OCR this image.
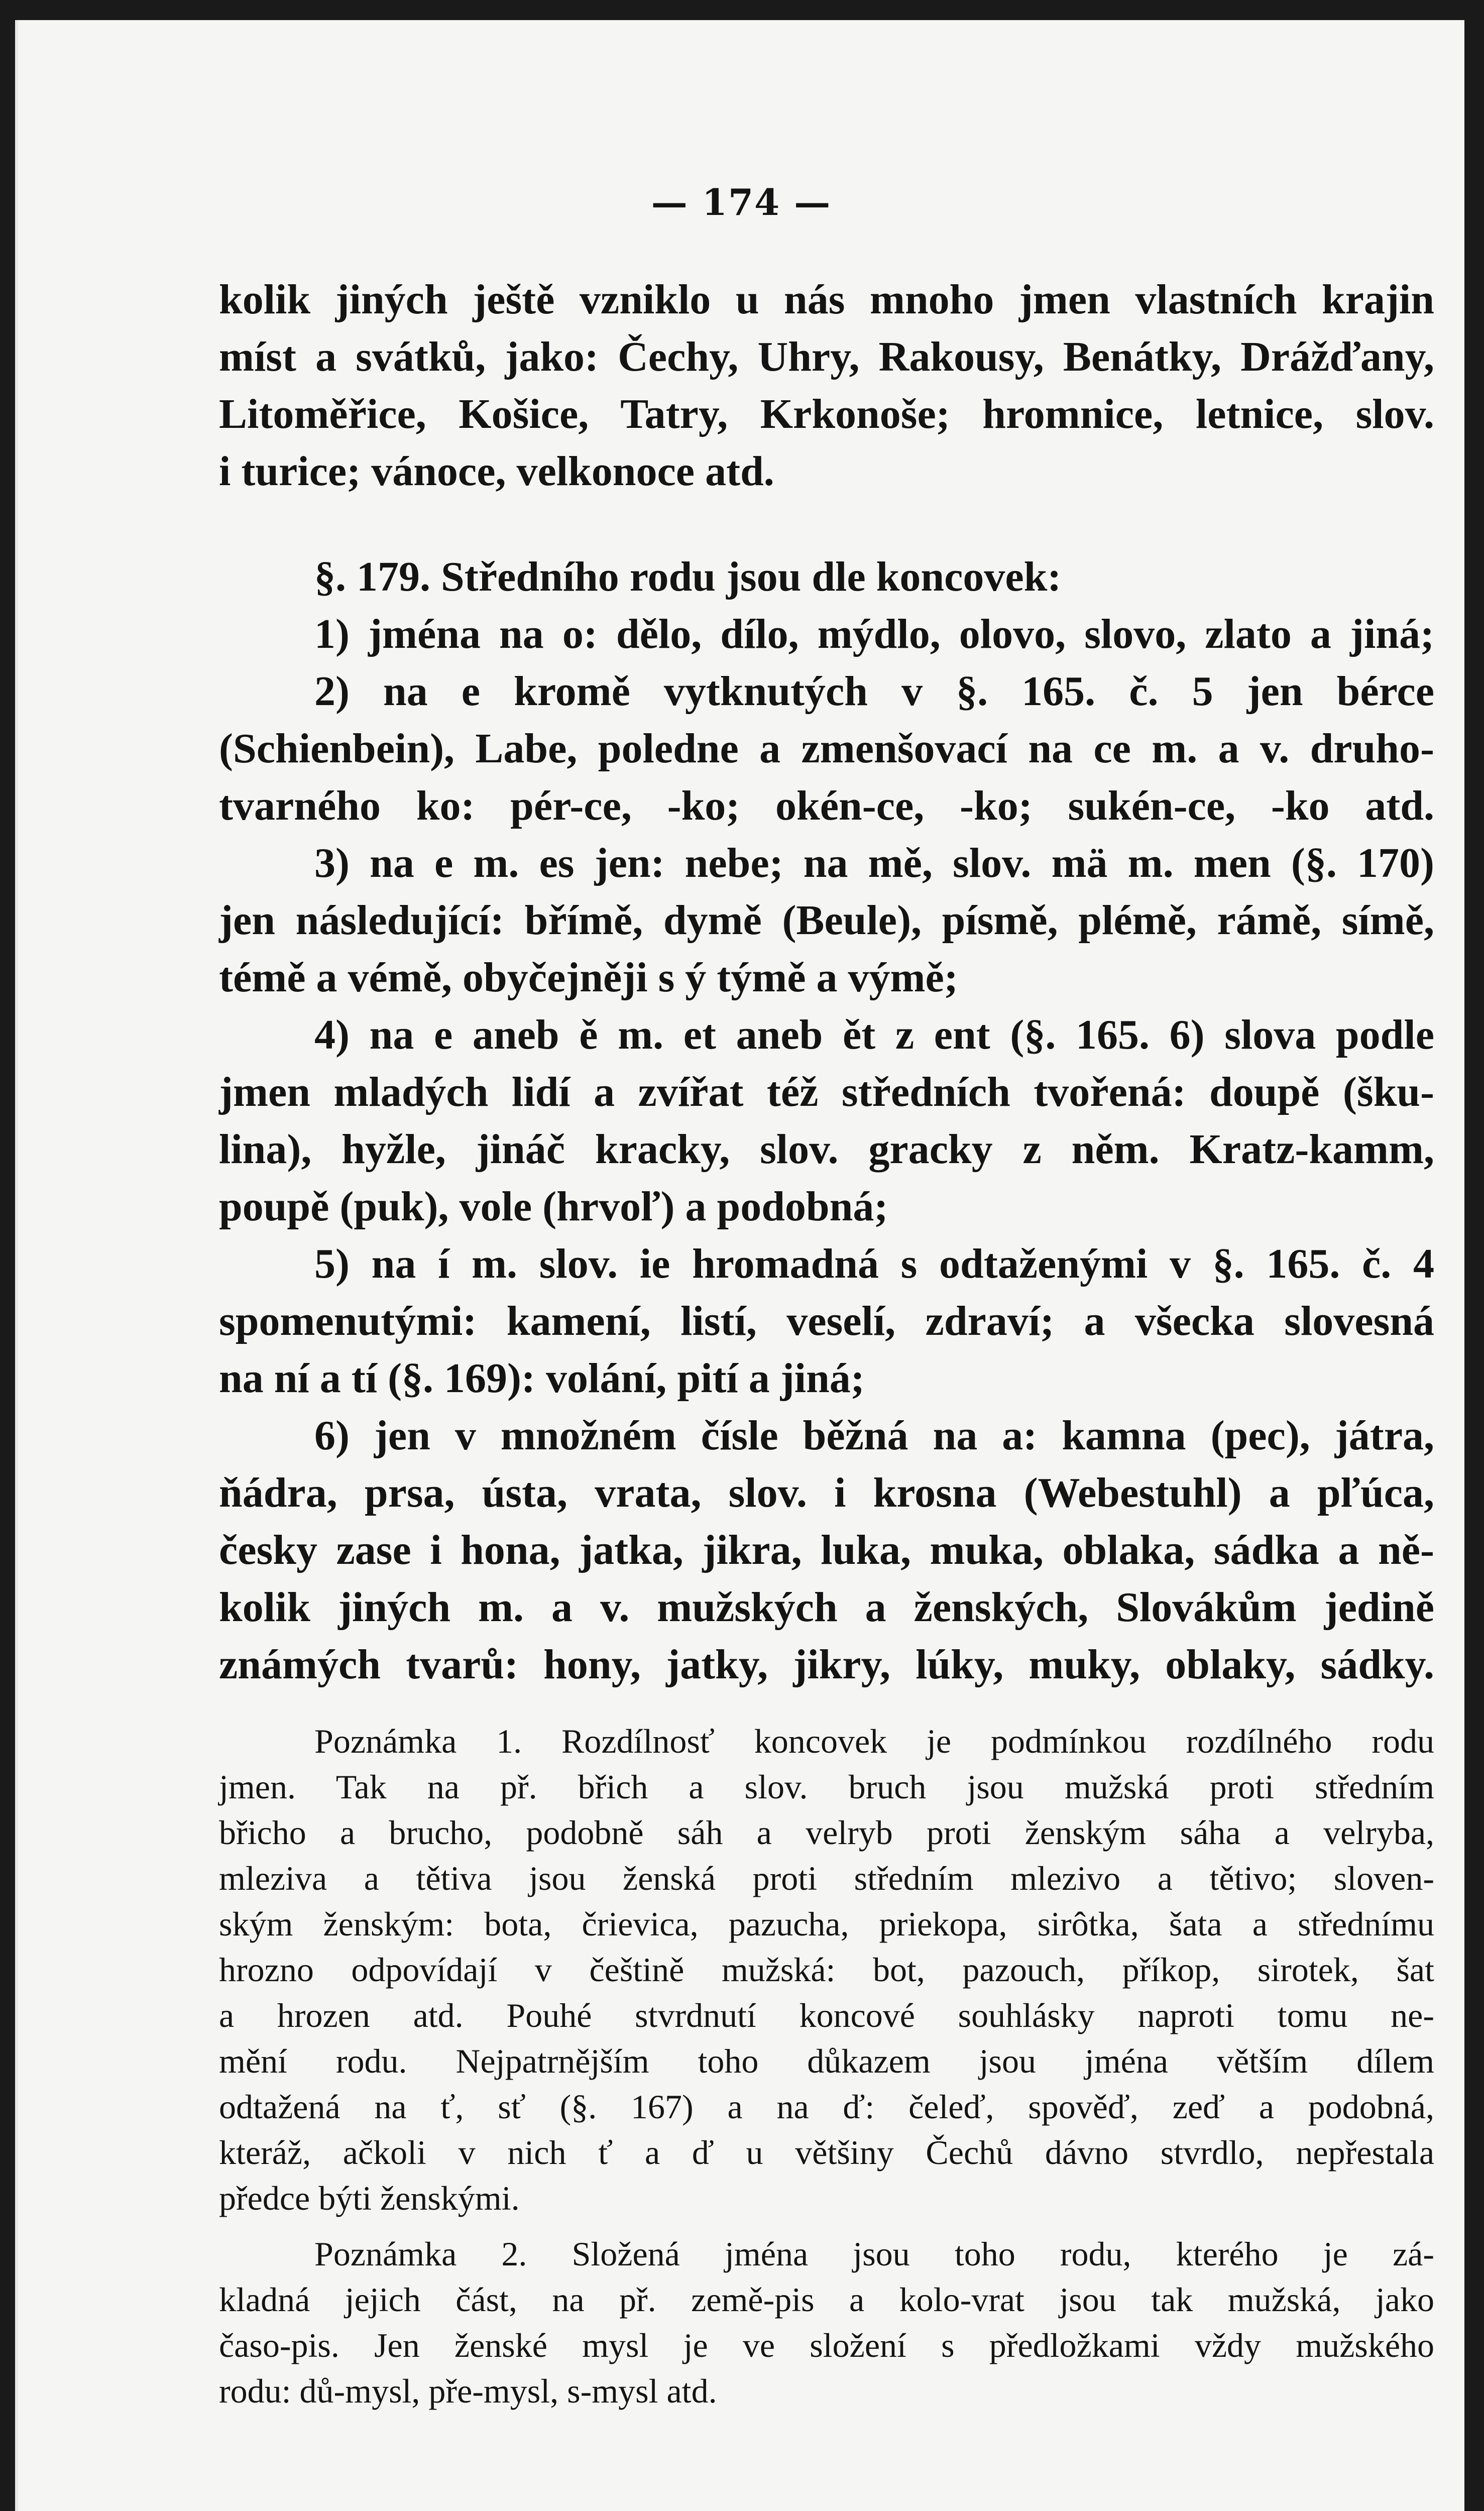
— 174 —
kolik jiných ještě vzniklo u nás mnoho jmen vlastních krajin
míst a svátků, jako: Čechy, Uhry, Rakousy, Benátky, Drážďany,
Litoměřice, Košice, Tatry, Krkonoše; hromnice, letnice, slov.
i turice; vánoce, velkonoce atd.
§. 179. Středního rodu jsou dle koncovek:
1) jména na o: dělo, dílo, mýdlo, olovo, slovo, zlato a jiná;
2) na e kromě vytknutých v §. 165. č. 5 jen bérce
(Schienbein), Labe, poledne a zmenšovací na ce m. a v. druho-
tvarného ko: pér-ce, -ko; okén-ce, -ko; sukén-ce, -ko atd.
3) na e m. es jen: nebe; na mě, slov. mä m. men (§. 170)
jen následující: břímě, dymě (Beule), písmě, plémě, rámě, símě,
témě a vémě, obyčejněji s ý týmě a výmě;
4) na e aneb ě m. et aneb ět z ent (§. 165. 6) slova podle
jmen mladých lidí a zvířat též středních tvořená: doupě (šku-
lina), hyžle, jináč kracky, slov. gracky z něm. Kratz-kamm,
poupě (puk), vole (hrvoľ) a podobná;
5) na í m. slov. ie hromadná s odtaženými v §. 165. č. 4
spomenutými: kamení, listí, veselí, zdraví; a všecka slovesná
na ní a tí (§. 169): volání, pití a jiná;
6) jen v množném čísle běžná na a: kamna (pec), játra,
ňádra, prsa, ústa, vrata, slov. i krosna (Webestuhl) a pľúca,
česky zase i hona, jatka, jikra, luka, muka, oblaka, sádka a ně-
kolik jiných m. a v. mužských a ženských, Slovákům jedině
známých tvarů: hony, jatky, jikry, lúky, muky, oblaky, sádky.
Poznámka 1. Rozdílnosť koncovek je podmínkou rozdílného rodu
jmen. Tak na př. břich a slov. bruch jsou mužská proti středním
břicho a brucho, podobně sáh a velryb proti ženským sáha a velryba,
mleziva a tětiva jsou ženská proti středním mlezivo a tětivo; sloven-
ským ženským: bota, črievica, pazucha, priekopa, sirôtka, šata a střednímu
hrozno odpovídají v češtině mužská: bot, pazouch, příkop, sirotek, šat
a hrozen atd. Pouhé stvrdnutí koncové souhlásky naproti tomu ne-
mění rodu. Nejpatrnějším toho důkazem jsou jména větším dílem
odtažená na ť, sť (§. 167) a na ď: čeleď, spověď, zeď a podobná,
kteráž, ačkoli v nich ť a ď u většiny Čechů dávno stvrdlo, nepřestala
předce býti ženskými.
Poznámka 2. Složená jména jsou toho rodu, kterého je zá-
kladná jejich část, na př. země-pis a kolo-vrat jsou tak mužská, jako
časo-pis. Jen ženské mysl je ve složení s předložkami vždy mužského
rodu: dů-mysl, pře-mysl, s-mysl atd.
